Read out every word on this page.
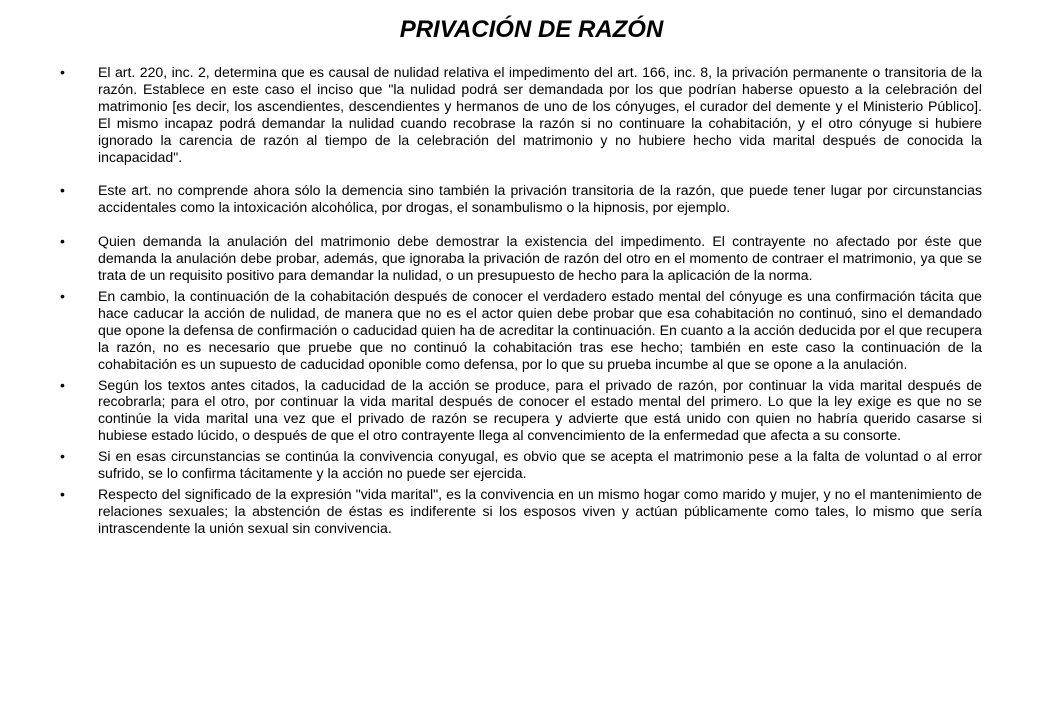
PRIVACIÓN DE RAZÓN
•	El art. 220, inc. 2, determina que es causal de nulidad relativa el impedimento del art. 166, inc. 8, la privación permanente o transitoria de la razón. Establece en este caso el inciso que "la nulidad podrá ser demandada por los que podrían haberse opuesto a la celebración del matrimonio [es decir, los ascendientes, descendientes y hermanos de uno de los cónyuges, el curador del demente y el Ministerio Público]. El mismo incapaz podrá demandar la nulidad cuando recobrase la razón si no continuare la cohabitación, y el otro cónyuge si hubiere ignorado la carencia de razón al tiempo de la celebración del matrimonio y no hubiere hecho vida marital después de conocida la incapacidad".
•	Este art. no comprende ahora sólo la demencia sino también la privación transitoria de la razón, que puede tener lugar por circunstancias accidentales como la intoxicación alcohólica, por drogas, el sonambulismo o la hipnosis, por ejemplo.
•	Quien demanda la anulación del matrimonio debe demostrar la existencia del impedimento. El contrayente no afectado por éste que demanda la anulación debe probar, además, que ignoraba la privación de razón del otro en el momento de contraer el matrimonio, ya que se trata de un requisito positivo para demandar la nulidad, o un presupuesto de hecho para la aplicación de la norma.
•	En cambio, la continuación de la cohabitación después de conocer el verdadero estado mental del cónyuge es una confirmación tácita que hace caducar la acción de nulidad, de manera que no es el actor quien debe probar que esa cohabitación no continuó, sino el demandado que opone la defensa de confirmación o caducidad quien ha de acreditar la continuación. En cuanto a la acción deducida por el que recupera la razón, no es necesario que pruebe que no continuó la cohabitación tras ese hecho; también en este caso la continuación de la cohabitación es un supuesto de caducidad oponible como defensa, por lo que su prueba incumbe al que se opone a la anulación.
•	Según los textos antes citados, la caducidad de la acción se produce, para el privado de razón, por continuar la vida marital después de recobrarla; para el otro, por continuar la vida marital después de conocer el estado mental del primero. Lo que la ley exige es que no se continúe la vida marital una vez que el privado de razón se recupera y advierte que está unido con quien no habría querido casarse si hubiese estado lúcido, o después de que el otro contrayente llega al convencimiento de la enfermedad que afecta a su consorte.
•	Si en esas circunstancias se continúa la convivencia conyugal, es obvio que se acepta el matrimonio pese a la falta de voluntad o al error sufrido, se lo confirma tácitamente y la acción no puede ser ejercida.
•	Respecto del significado de la expresión "vida marital", es la convivencia en un mismo hogar como marido y mujer, y no el mantenimiento de relaciones sexuales; la abstención de éstas es indiferente si los esposos viven y actúan públicamente como tales, lo mismo que sería intrascendente la unión sexual sin convivencia.
